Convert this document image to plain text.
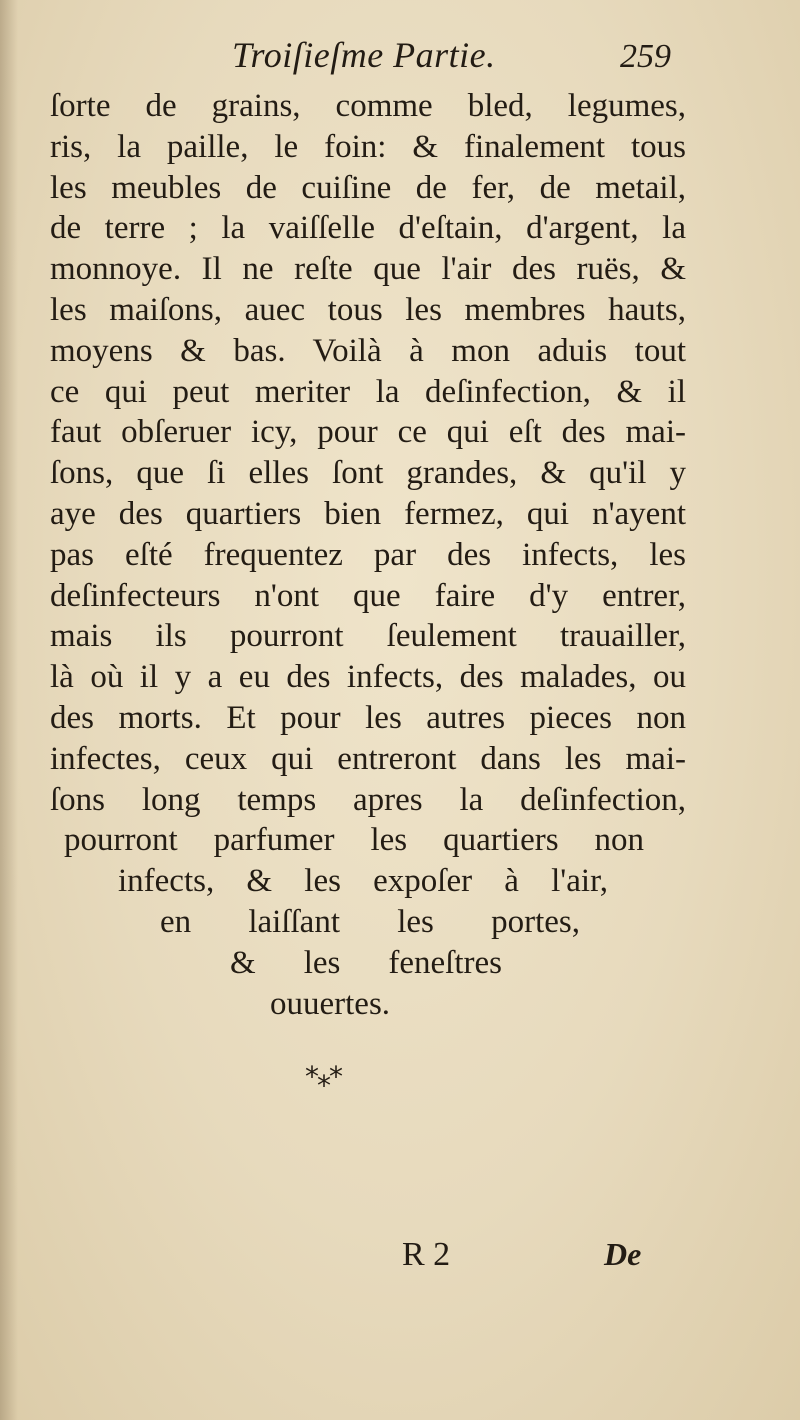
Troiſieſme Partie.	259
ſorte de grains, comme bled, legumes,
ris, la paille, le foin: & finalement tous
les meubles de cuiſine de fer, de metail,
de terre ; la vaiſſelle d'eſtain, d'argent, la
monnoye. Il ne reſte que l'air des ruës, &
les maiſons, auec tous les membres hauts,
moyens & bas. Voilà à mon aduis tout
ce qui peut meriter la deſinfection, & il
faut obſeruer icy, pour ce qui eſt des mai-
ſons, que ſi elles ſont grandes, & qu'il y
aye des quartiers bien fermez, qui n'ayent
pas eſté frequentez par des infects, les
deſinfecteurs n'ont que faire d'y entrer,
mais ils pourront ſeulement trauailler,
là où il y a eu des infects, des malades, ou
des morts. Et pour les autres pieces non
infectes, ceux qui entreront dans les mai-
ſons long temps apres la deſinfection,
pourront parfumer les quartiers non
infects, & les expoſer à l'air,
en laiſſant les portes,
& les feneſtres
ouuertes.
*⁎*
R 2	De
